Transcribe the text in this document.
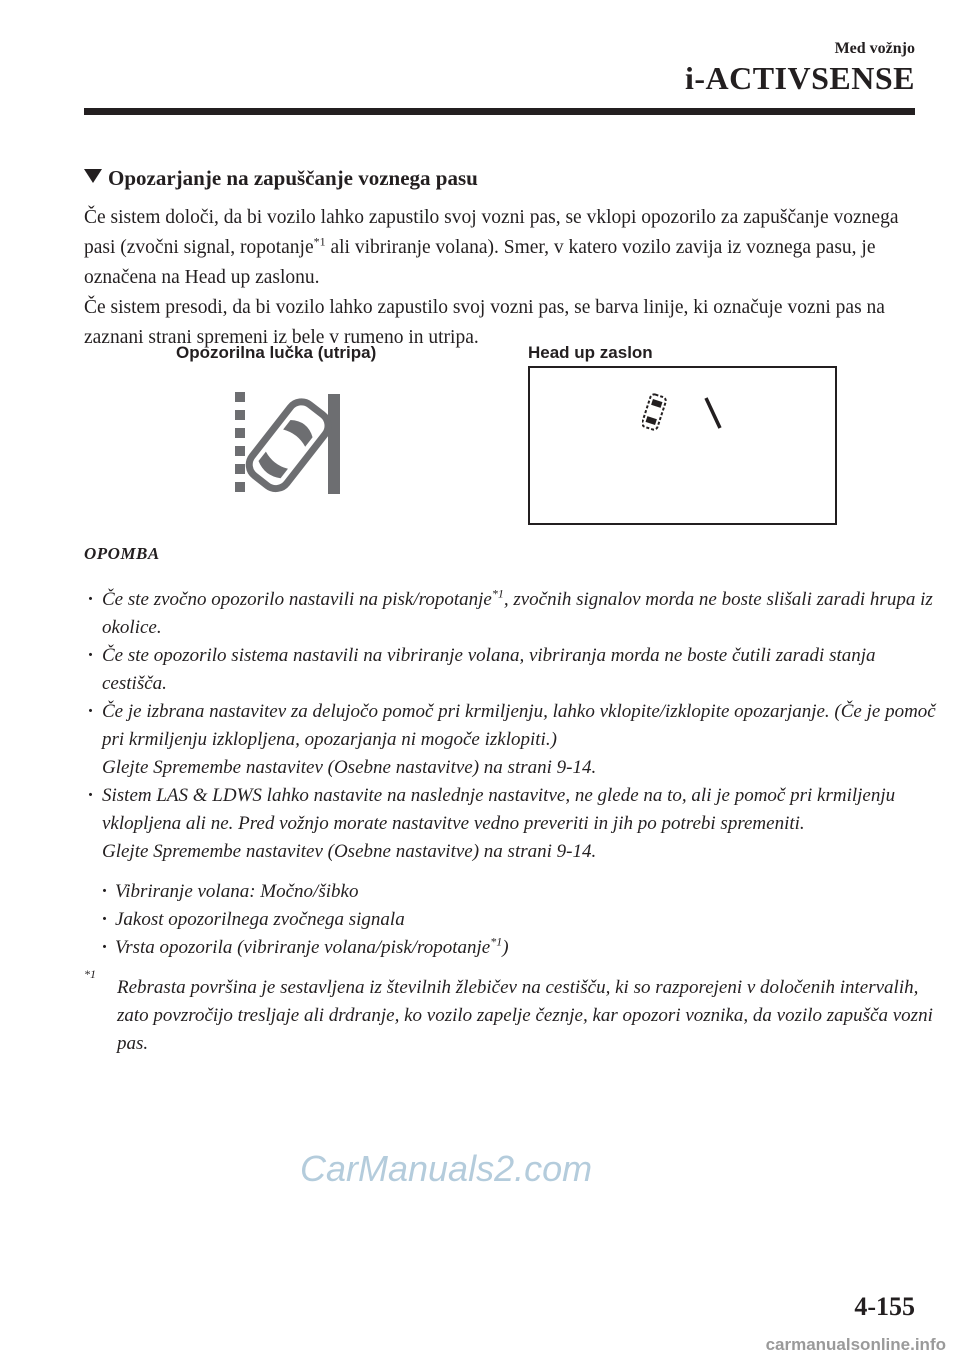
Med vožnjo
i-ACTIVSENSE
Opozarjanje na zapuščanje voznega pasu

Če sistem določi, da bi vozilo lahko zapustilo svoj vozni pas, se vklopi opozorilo za zapuščanje voznega pasi (zvočni signal, ropotanje$^{*1}$ ali vibriranje volana). Smer, v katero vozilo zavija iz voznega pasu, je označena na Head up zaslonu.

Če sistem presodi, da bi vozilo lahko zapustilo svoj vozni pas, se barva linije, ki označuje vozni pas na zaznani strani spremeni iz bele v rumeno in utripa.

Opozorilna lučka (utripa)	Head up zaslon
OPOMBA
· Če ste zvočno opozorilo nastavili na pisk/ropotanje$^{*1}$, zvočnih signalov morda ne boste slišali zaradi hrupa iz okolice.
· Če ste opozorilo sistema nastavili na vibriranje volana, vibriranja morda ne boste čutili zaradi stanja cestišča.
· Če je izbrana nastavitev za delujočo pomoč pri krmiljenju, lahko vklopite/izklopite opozarjanje. (Če je pomoč pri krmiljenju izklopljena, opozarjanja ni mogoče izklopiti.)
Glejte Spremembe nastavitev (Osebne nastavitve) na strani 9-14.
· Sistem LAS & LDWS lahko nastavite na naslednje nastavitve, ne glede na to, ali je pomoč pri krmiljenju vklopljena ali ne. Pred vožnjo morate nastavitve vedno preveriti in jih po potrebi spremeniti.
Glejte Spremembe nastavitev (Osebne nastavitve) na strani 9-14.
· Vibriranje volana: Močno/šibko
· Jakost opozorilnega zvočnega signala
· Vrsta opozorila (vibriranje volana/pisk/ropotanje$^{*1}$)
*1
Rebrasta površina je sestavljena iz številnih žlebičev na cestišču, ki so razporejeni v določenih intervalih, zato povzročijo tresljaje ali drdranje, ko vozilo zapelje čeznje, kar opozori voznika, da vozilo zapušča vozni pas.
CarManuals2.com
4-155
carmanualsonline.info
